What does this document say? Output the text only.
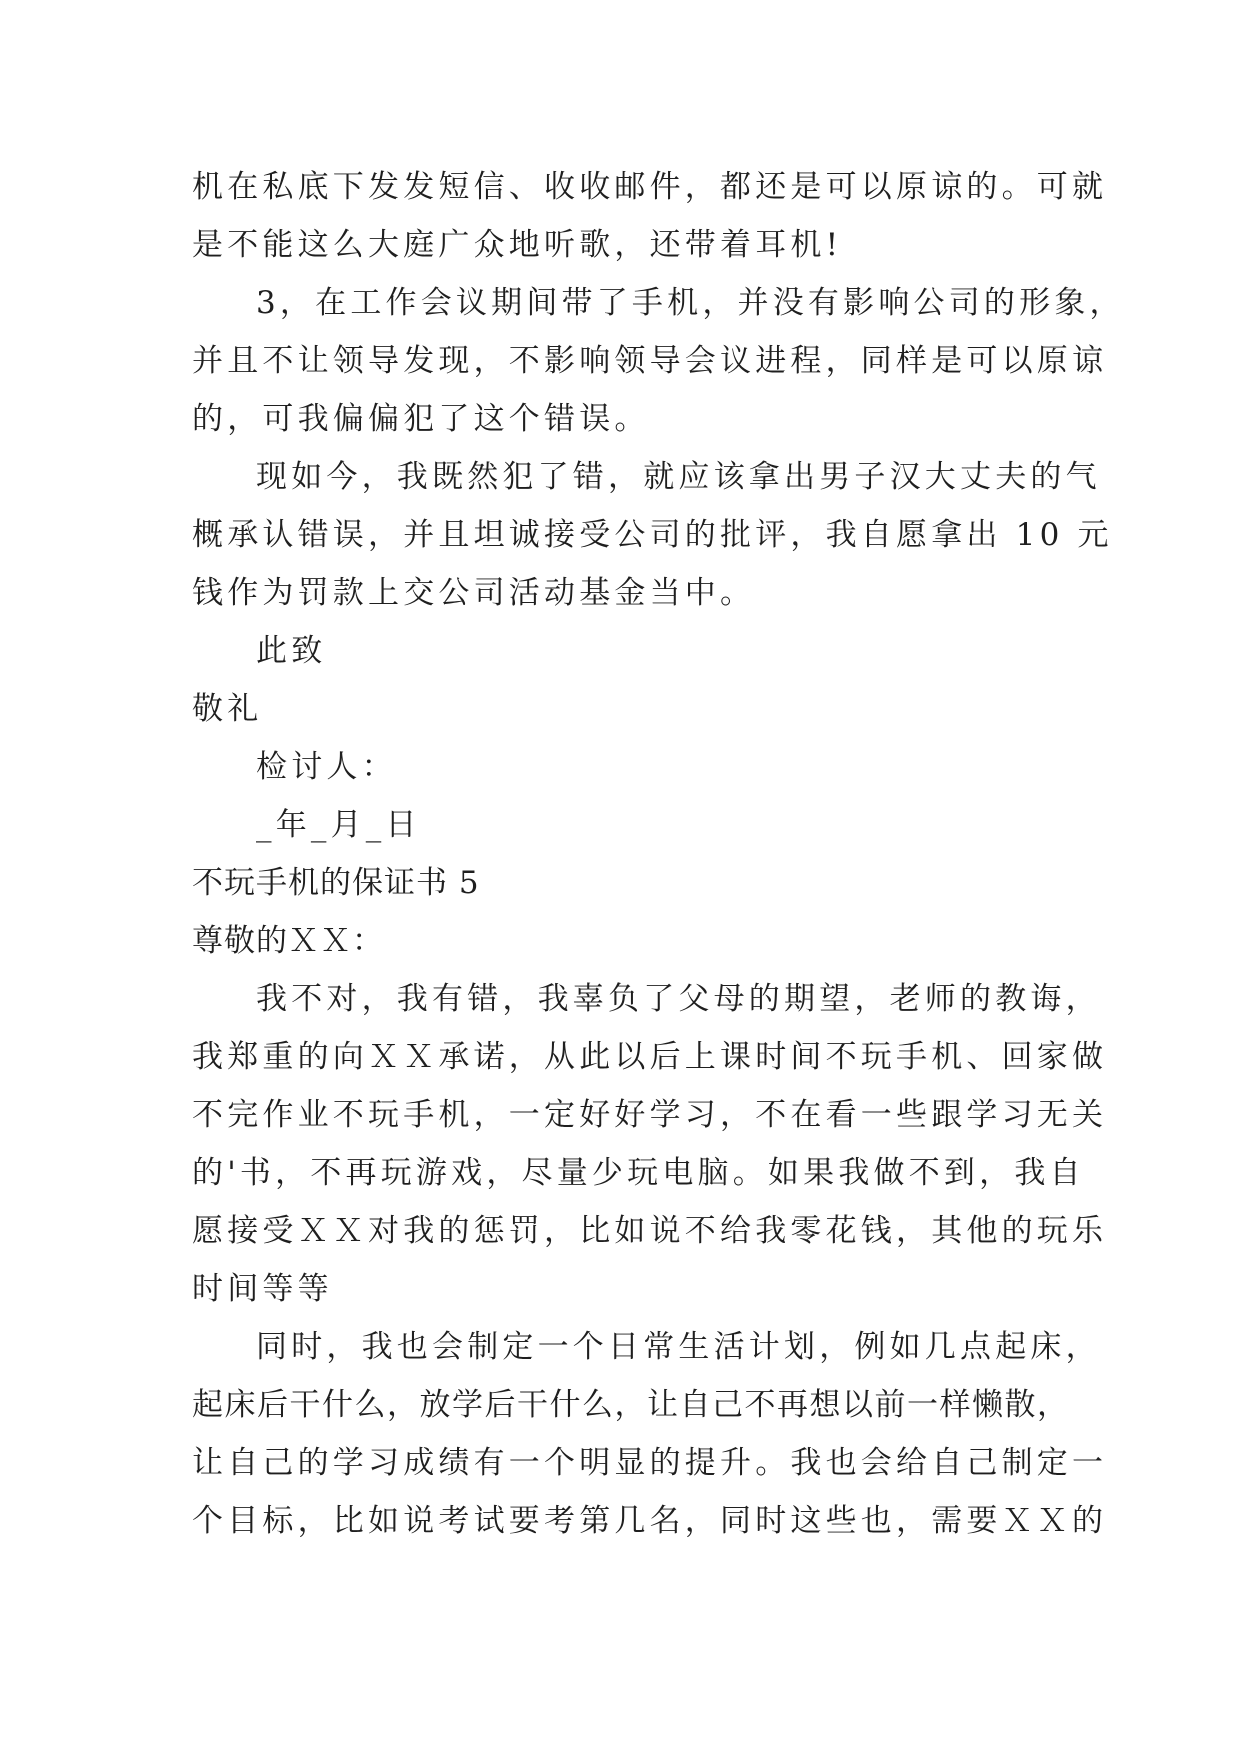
机在私底下发发短信、收收邮件，都还是可以原谅的。可就
是不能这么大庭广众地听歌，还带着耳机!
3，在工作会议期间带了手机，并没有影响公司的形象，
并且不让领导发现，不影响领导会议进程，同样是可以原谅
的，可我偏偏犯了这个错误。
现如今，我既然犯了错，就应该拿出男子汉大丈夫的气
概承认错误，并且坦诚接受公司的批评，我自愿拿出 10 元
钱作为罚款上交公司活动基金当中。
此致
敬礼
检讨人：
_年_月_日
不玩手机的保证书 5
尊敬的ＸＸ：
我不对，我有错，我辜负了父母的期望，老师的教诲，
我郑重的向ＸＸ承诺，从此以后上课时间不玩手机、回家做
不完作业不玩手机，一定好好学习，不在看一些跟学习无关
的'书，不再玩游戏，尽量少玩电脑。如果我做不到，我自
愿接受ＸＸ对我的惩罚，比如说不给我零花钱，其他的玩乐
时间等等
同时，我也会制定一个日常生活计划，例如几点起床，
起床后干什么，放学后干什么，让自己不再想以前一样懒散，
让自己的学习成绩有一个明显的提升。我也会给自己制定一
个目标，比如说考试要考第几名，同时这些也，需要ＸＸ的
